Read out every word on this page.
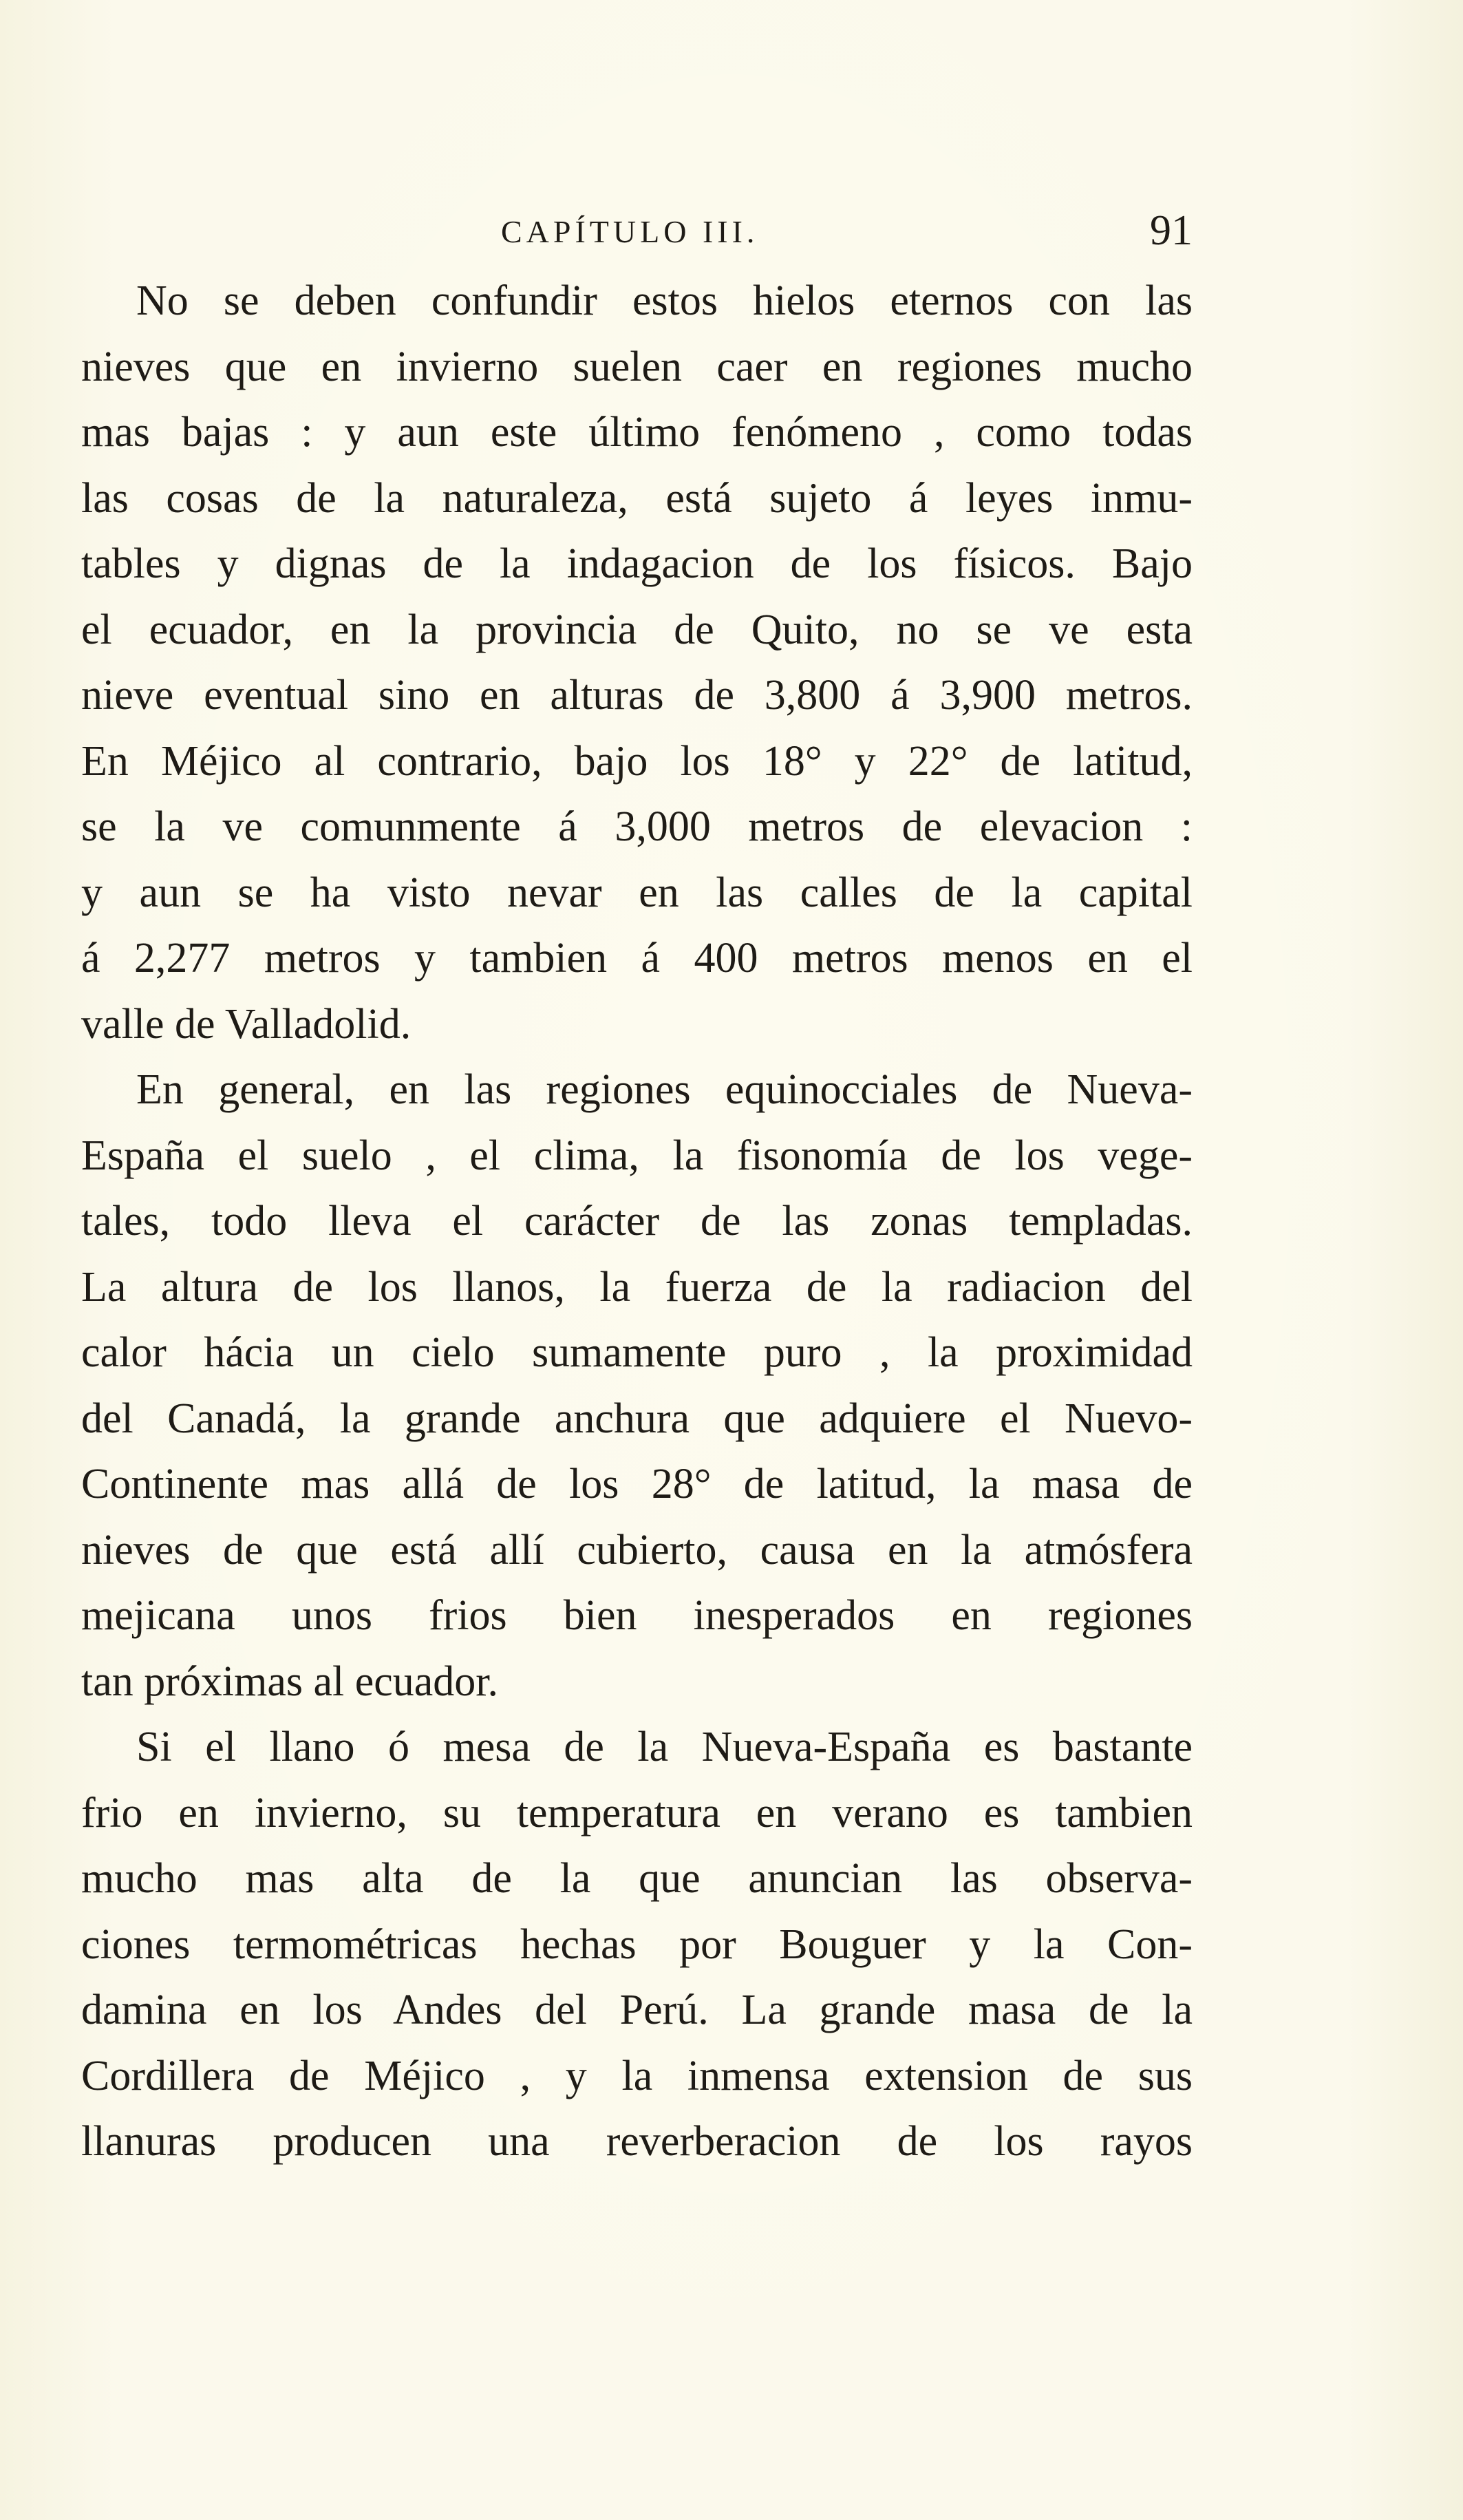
CAPÍTULO III.	91
No se deben confundir estos hielos eternos con las
nieves que en invierno suelen caer en regiones mucho
mas bajas : y aun este último fenómeno , como todas
las cosas de la naturaleza, está sujeto á leyes inmu-
tables y dignas de la indagacion de los físicos. Bajo
el ecuador, en la provincia de Quito, no se ve esta
nieve eventual sino en alturas de 3,800 á 3,900 metros.
En Méjico al contrario, bajo los 18° y 22° de latitud,
se la ve comunmente á 3,000 metros de elevacion :
y aun se ha visto nevar en las calles de la capital
á 2,277 metros y tambien á 400 metros menos en el
valle de Valladolid.
En general, en las regiones equinocciales de Nueva-
España el suelo , el clima, la fisonomía de los vege-
tales, todo lleva el carácter de las zonas templadas.
La altura de los llanos, la fuerza de la radiacion del
calor hácia un cielo sumamente puro , la proximidad
del Canadá, la grande anchura que adquiere el Nuevo-
Continente mas allá de los 28° de latitud, la masa de
nieves de que está allí cubierto, causa en la atmósfera
mejicana unos frios bien inesperados en regiones
tan próximas al ecuador.
Si el llano ó mesa de la Nueva-España es bastante
frio en invierno, su temperatura en verano es tambien
mucho mas alta de la que anuncian las observa-
ciones termométricas hechas por Bouguer y la Con-
damina en los Andes del Perú. La grande masa de la
Cordillera de Méjico , y la inmensa extension de sus
llanuras producen una reverberacion de los rayos
